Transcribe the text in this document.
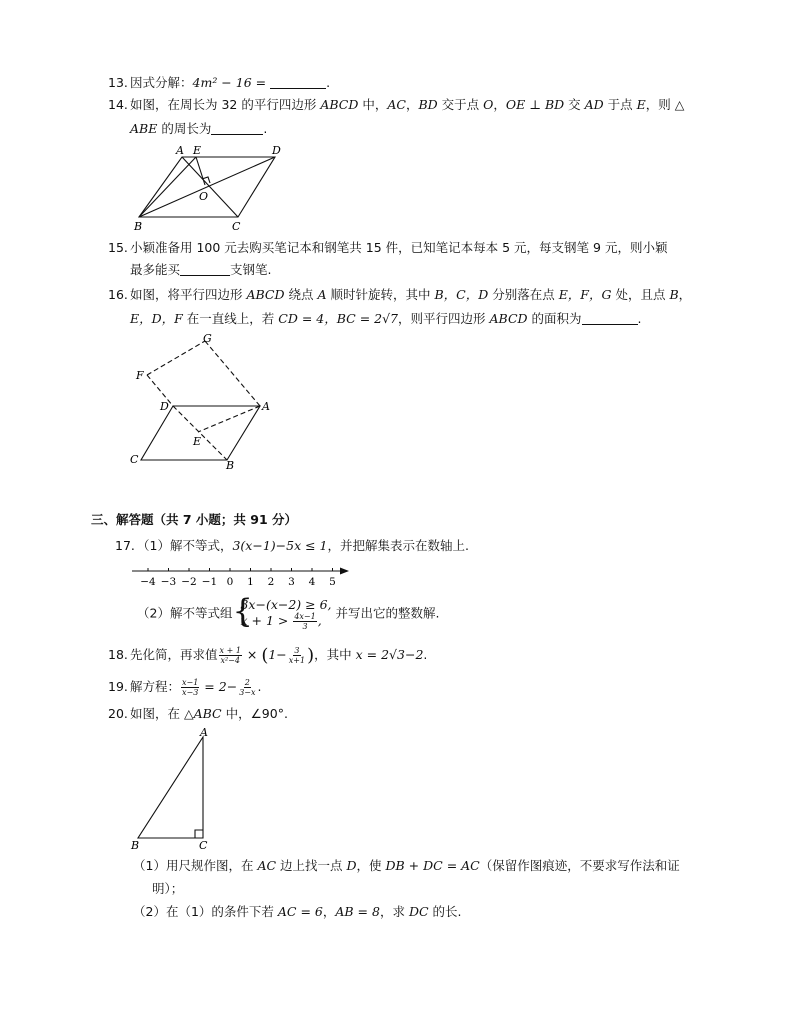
13. 因式分解：4m² − 16 =	.
14. 如图，在周长为 32 的平行四边形 ABCD 中，AC，BD 交于点 O，OE ⊥ BD 交 AD 于点 E，则 △
ABE 的周长为	.
A E	D
O
B	C
15. 小颖准备用 100 元去购买笔记本和钢笔共 15 件，已知笔记本每本 5 元，每支钢笔 9 元，则小颖
最多能买	支钢笔.
16. 如图，将平行四边形 ABCD 绕点 A 顺时针旋转，其中 B，C，D 分别落在点 E，F，G 处，且点 B，
E，D，F 在一直线上，若 CD = 4，BC = 2√7，则平行四边形 ABCD 的面积为	.
G
F
D	A
E
C	B
三、解答题（共 7 小题；共 91 分）
17. （1）解不等式，3(x−1)−5x ≤ 1，并把解集表示在数轴上.
−4 −3 −2 −1 0 1 2 3 4 5
（2）解不等式组 {
3x−(x−2) ≥ 6,
$x + 1 > \frac{4x-1}{3}$ , 并写出它的整数解.
18. 先化简，再求值 $\frac{x + 1}{\text{x²−4}} \times (1- \frac{3}{x+1}$ )，其中 x = 2√3−2.
19. 解方程： $\frac{x-1}{x-3} = 2- \frac{2}{3-x}$ .
20. 如图，在 △ABC 中，∠90°.
A
B	C
（1）用尺规作图，在 AC 边上找一点 D，使 DB + DC = AC（保留作图痕迹，不要求写作法和证
明）；
（2）在（1）的条件下若 AC = 6，AB = 8，求 DC 的长.
